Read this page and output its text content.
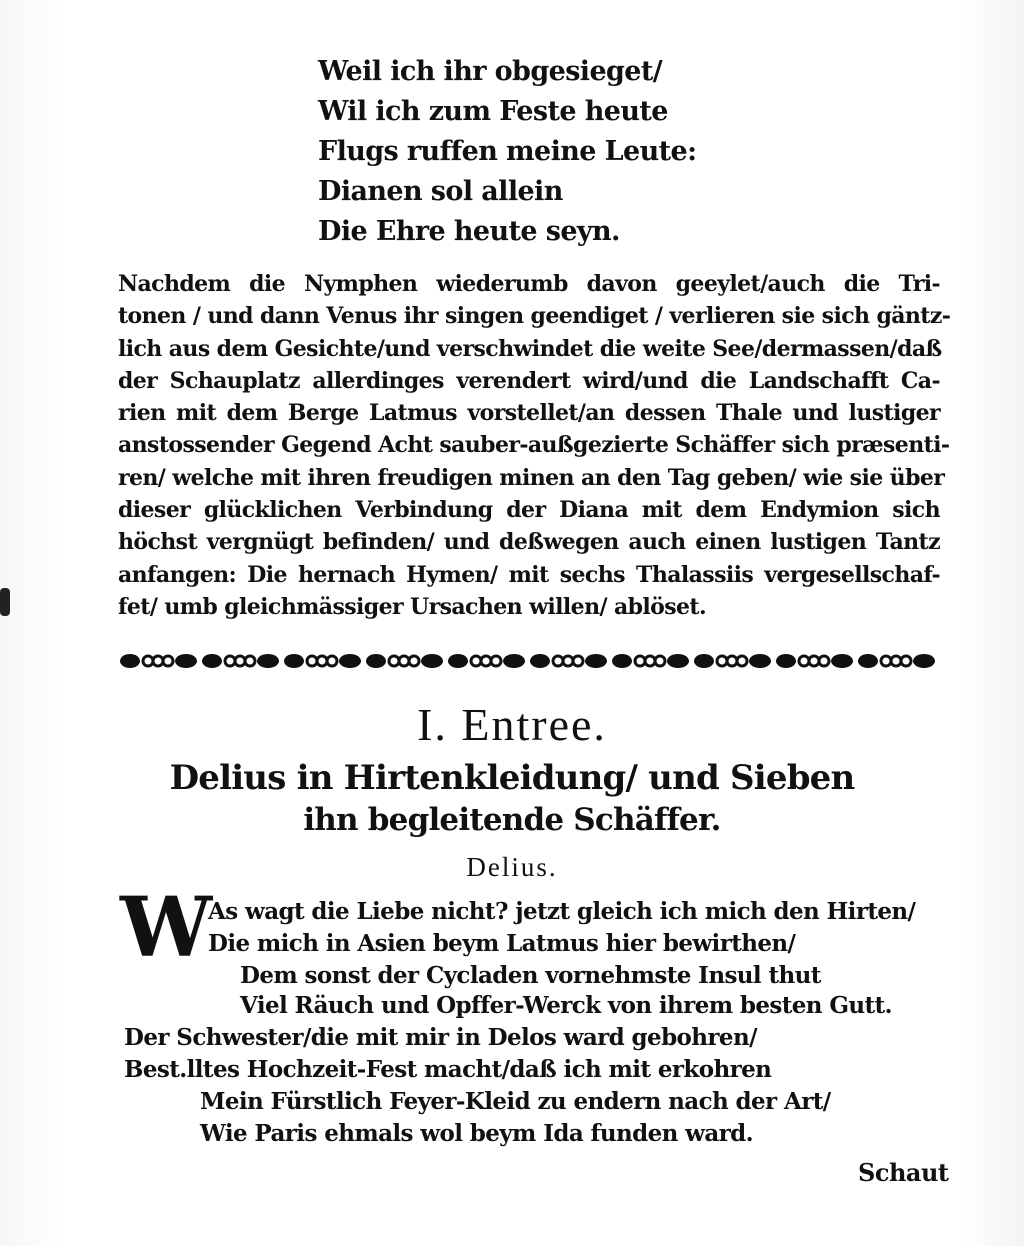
Weil ich ihr obgesieget/
Wil ich zum Feste heute
Flugs ruffen meine Leute:
Dianen sol allein
Die Ehre heute seyn.
Nachdem die Nymphen wiederumb davon geeylet/auch die Tri-
tonen / und dann Venus ihr singen geendiget / verlieren sie sich gäntz-
lich aus dem Gesichte/und verschwindet die weite See/dermassen/daß
der Schauplatz allerdinges verendert wird/und die Landschafft Ca-
rien mit dem Berge Latmus vorstellet/an dessen Thale und lustiger
anstossender Gegend Acht sauber-außgezierte Schäffer sich præsenti-
ren/ welche mit ihren freudigen minen an den Tag geben/ wie sie über
dieser glücklichen Verbindung der Diana mit dem Endymion sich
höchst vergnügt befinden/ und deßwegen auch einen lustigen Tantz
anfangen: Die hernach Hymen/ mit sechs Thalassiis vergesellschaf-
fet/ umb gleichmässiger Ursachen willen/ ablöset.
I. Entree.
Delius in Hirtenkleidung/ und Sieben
ihn begleitende Schäffer.
Delius.
W
As wagt die Liebe nicht? jetzt gleich ich mich den Hirten/
Die mich in Asien beym Latmus hier bewirthen/
Dem sonst der Cycladen vornehmste Insul thut
Viel Räuch und Opffer-Werck von ihrem besten Gutt.
Der Schwester/die mit mir in Delos ward gebohren/
Best.lltes Hochzeit-Fest macht/daß ich mit erkohren
Mein Fürstlich Feyer-Kleid zu endern nach der Art/
Wie Paris ehmals wol beym Ida funden ward.
Schaut
